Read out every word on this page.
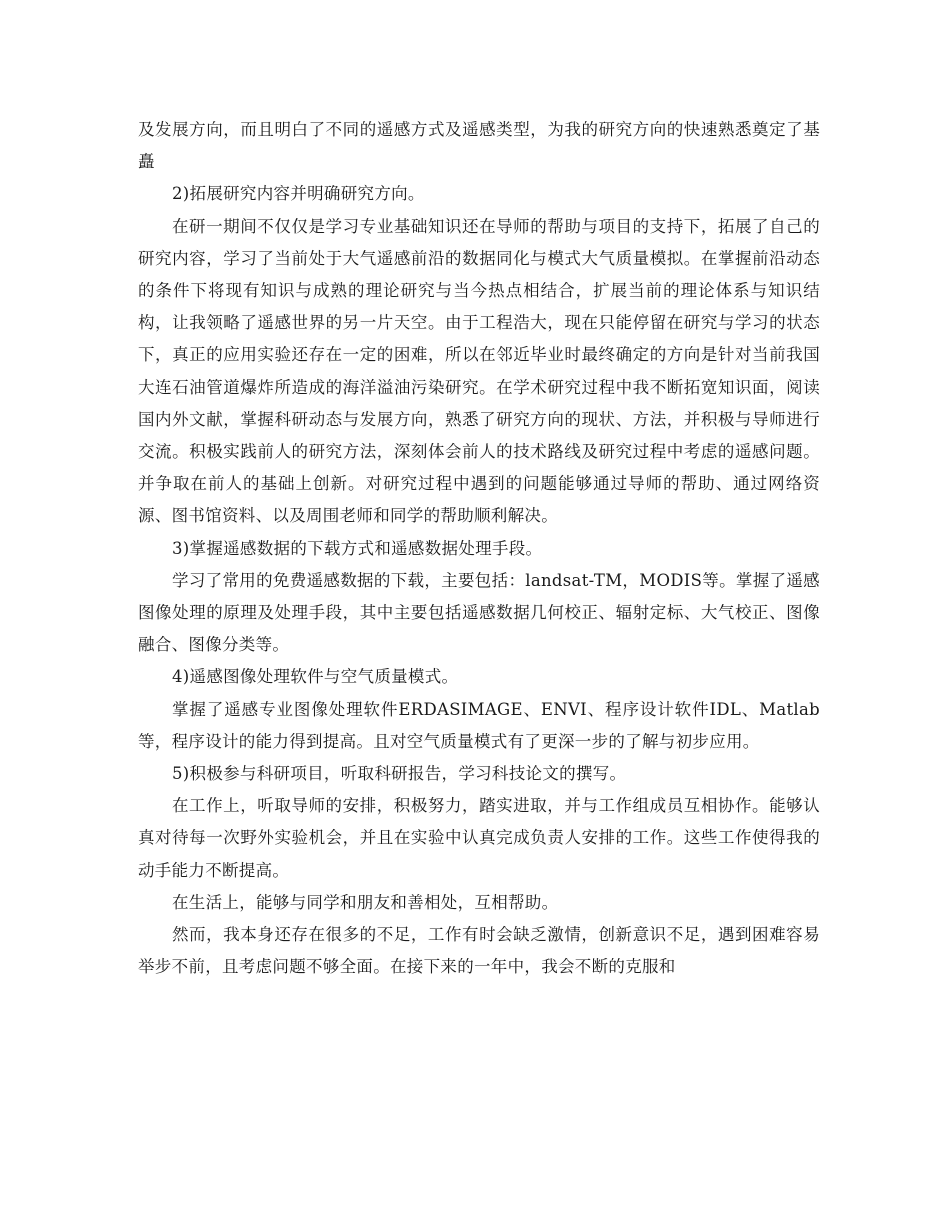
及发展方向，而且明白了不同的遥感方式及遥感类型，为我的研究方向的快速熟悉奠定了基矗

2)拓展研究内容并明确研究方向。

在研一期间不仅仅是学习专业基础知识还在导师的帮助与项目的支持下，拓展了自己的研究内容，学习了当前处于大气遥感前沿的数据同化与模式大气质量模拟。在掌握前沿动态的条件下将现有知识与成熟的理论研究与当今热点相结合，扩展当前的理论体系与知识结构，让我领略了遥感世界的另一片天空。由于工程浩大，现在只能停留在研究与学习的状态下，真正的应用实验还存在一定的困难，所以在邻近毕业时最终确定的方向是针对当前我国大连石油管道爆炸所造成的海洋溢油污染研究。在学术研究过程中我不断拓宽知识面，阅读国内外文献，掌握科研动态与发展方向，熟悉了研究方向的现状、方法，并积极与导师进行交流。积极实践前人的研究方法，深刻体会前人的技术路线及研究过程中考虑的遥感问题。并争取在前人的基础上创新。对研究过程中遇到的问题能够通过导师的帮助、通过网络资源、图书馆资料、以及周围老师和同学的帮助顺利解决。

3)掌握遥感数据的下载方式和遥感数据处理手段。

学习了常用的免费遥感数据的下载，主要包括：landsat-TM，MODIS等。掌握了遥感图像处理的原理及处理手段，其中主要包括遥感数据几何校正、辐射定标、大气校正、图像融合、图像分类等。

4)遥感图像处理软件与空气质量模式。

掌握了遥感专业图像处理软件ERDASIMAGE、ENVI、程序设计软件IDL、Matlab等，程序设计的能力得到提高。且对空气质量模式有了更深一步的了解与初步应用。

5)积极参与科研项目，听取科研报告，学习科技论文的撰写。

在工作上，听取导师的安排，积极努力，踏实进取，并与工作组成员互相协作。能够认真对待每一次野外实验机会，并且在实验中认真完成负责人安排的工作。这些工作使得我的动手能力不断提高。

在生活上，能够与同学和朋友和善相处，互相帮助。

然而，我本身还存在很多的不足，工作有时会缺乏激情，创新意识不足，遇到困难容易举步不前，且考虑问题不够全面。在接下来的一年中，我会不断的克服和
